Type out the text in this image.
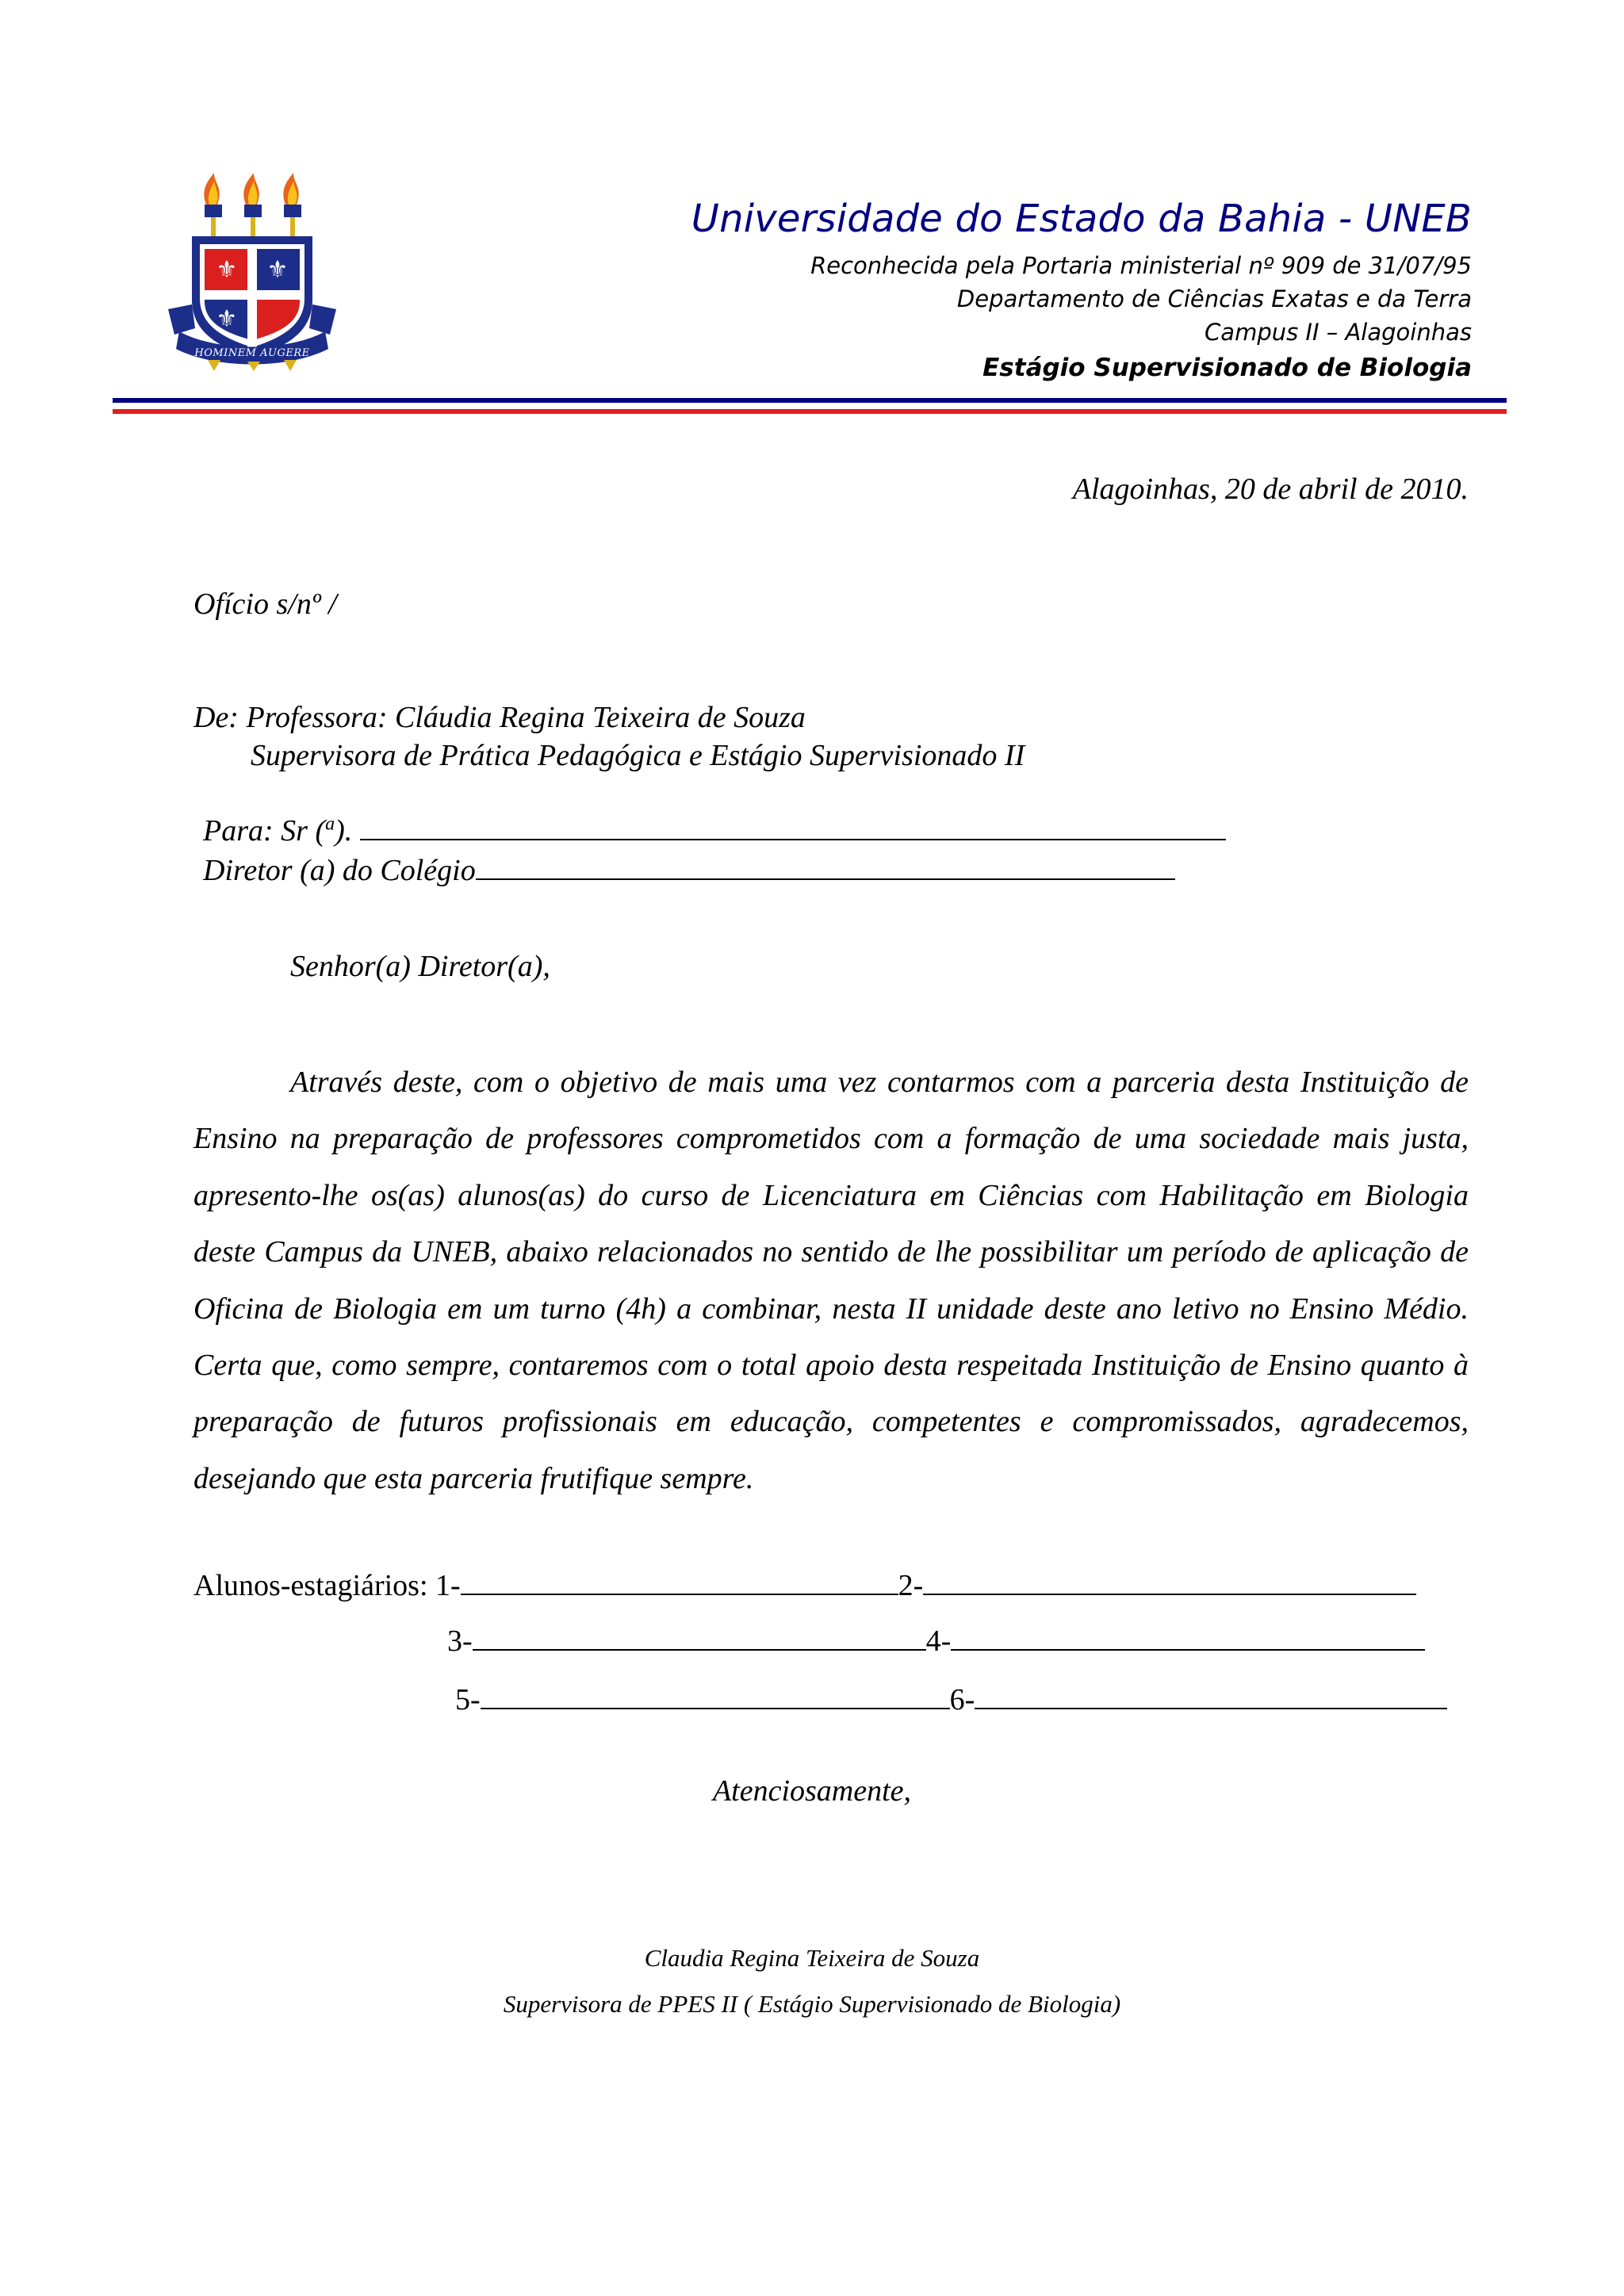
⚜ ⚜
⚜ ✝
HOMINEM AUGERE
Universidade do Estado da Bahia - UNEB
Reconhecida pela Portaria ministerial nº 909 de 31/07/95
Departamento de Ciências Exatas e da Terra
Campus II – Alagoinhas
Estágio Supervisionado de Biologia
Alagoinhas, 20 de abril de 2010.
Ofício s/nº /
De: Professora: Cláudia Regina Teixeira de Souza
Supervisora de Prática Pedagógica e Estágio Supervisionado II
Para: Sr ($^a$).
Diretor (a) do Colégio
Senhor(a) Diretor(a),
Através deste, com o objetivo de mais uma vez contarmos com a parceria desta Instituição de Ensino na preparação de professores comprometidos com a formação de uma sociedade mais justa, apresento-lhe os(as) alunos(as) do curso de Licenciatura em Ciências com Habilitação em Biologia deste Campus da UNEB, abaixo relacionados no sentido de lhe possibilitar um período de aplicação de Oficina de Biologia em um turno (4h) a combinar, nesta II unidade deste ano letivo no Ensino Médio. Certa que, como sempre, contaremos com o total apoio desta respeitada Instituição de Ensino quanto à preparação de futuros profissionais em educação, competentes e compromissados, agradecemos, desejando que esta parceria frutifique sempre.
Alunos-estagiários: 1-	2-
3-	4-
5-	6-
Atenciosamente,
Claudia Regina Teixeira de Souza
Supervisora de PPES II ( Estágio Supervisionado de Biologia)
